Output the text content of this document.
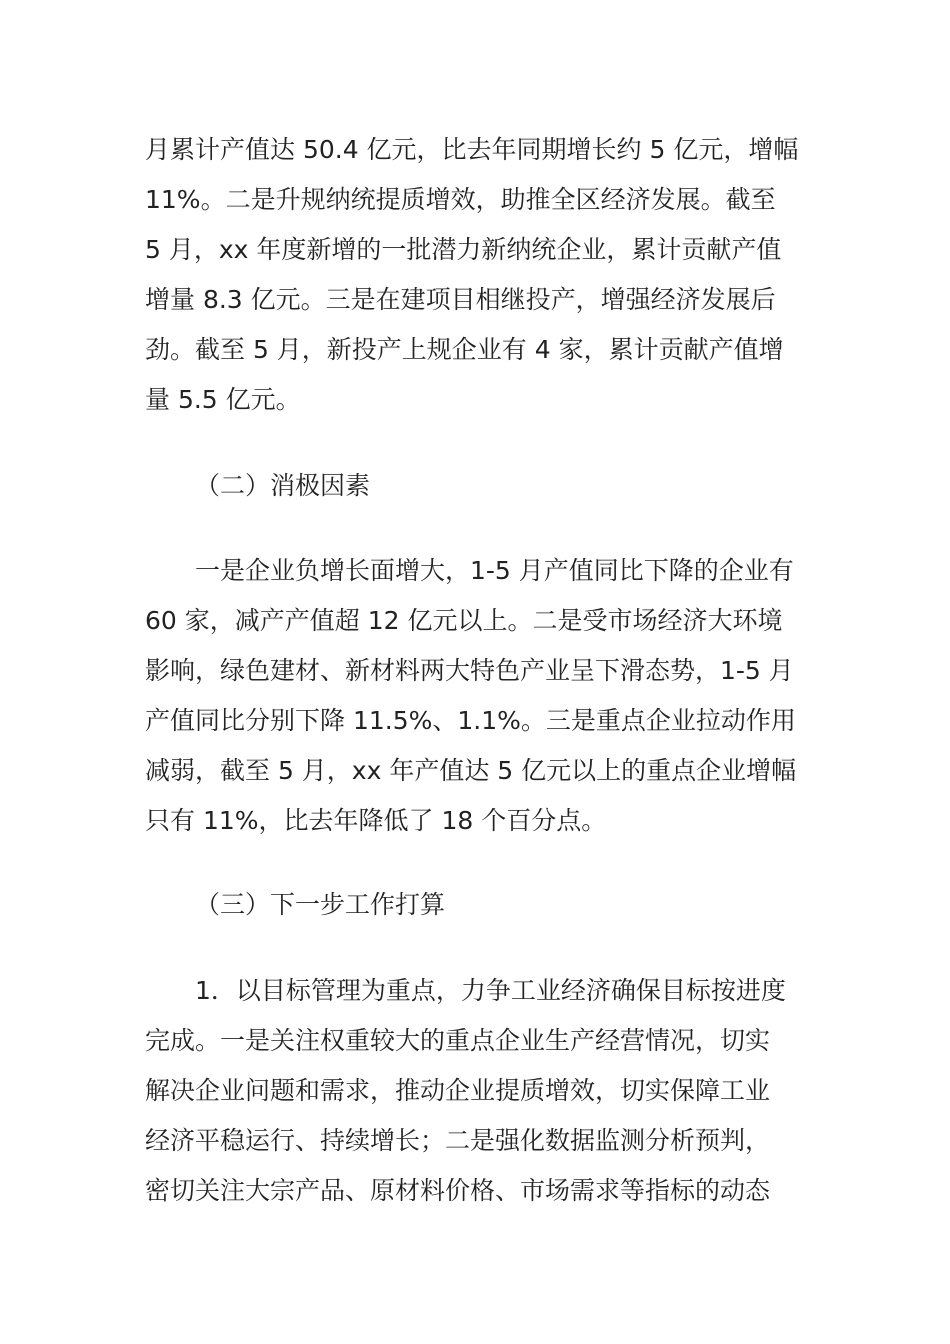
月累计产值达 50.4 亿元，比去年同期增长约 5 亿元，增幅
11%。二是升规纳统提质增效，助推全区经济发展。截至
5 月，xx 年度新增的一批潜力新纳统企业，累计贡献产值
增量 8.3 亿元。三是在建项目相继投产，增强经济发展后
劲。截至 5 月，新投产上规企业有 4 家，累计贡献产值增
量 5.5 亿元。
（二）消极因素
一是企业负增长面增大，1-5 月产值同比下降的企业有
60 家，减产产值超 12 亿元以上。二是受市场经济大环境
影响，绿色建材、新材料两大特色产业呈下滑态势，1-5 月
产值同比分别下降 11.5%、1.1%。三是重点企业拉动作用
减弱，截至 5 月，xx 年产值达 5 亿元以上的重点企业增幅
只有 11%，比去年降低了 18 个百分点。
（三）下一步工作打算
1．以目标管理为重点，力争工业经济确保目标按进度
完成。一是关注权重较大的重点企业生产经营情况，切实
解决企业问题和需求，推动企业提质增效，切实保障工业
经济平稳运行、持续增长；二是强化数据监测分析预判，
密切关注大宗产品、原材料价格、市场需求等指标的动态
